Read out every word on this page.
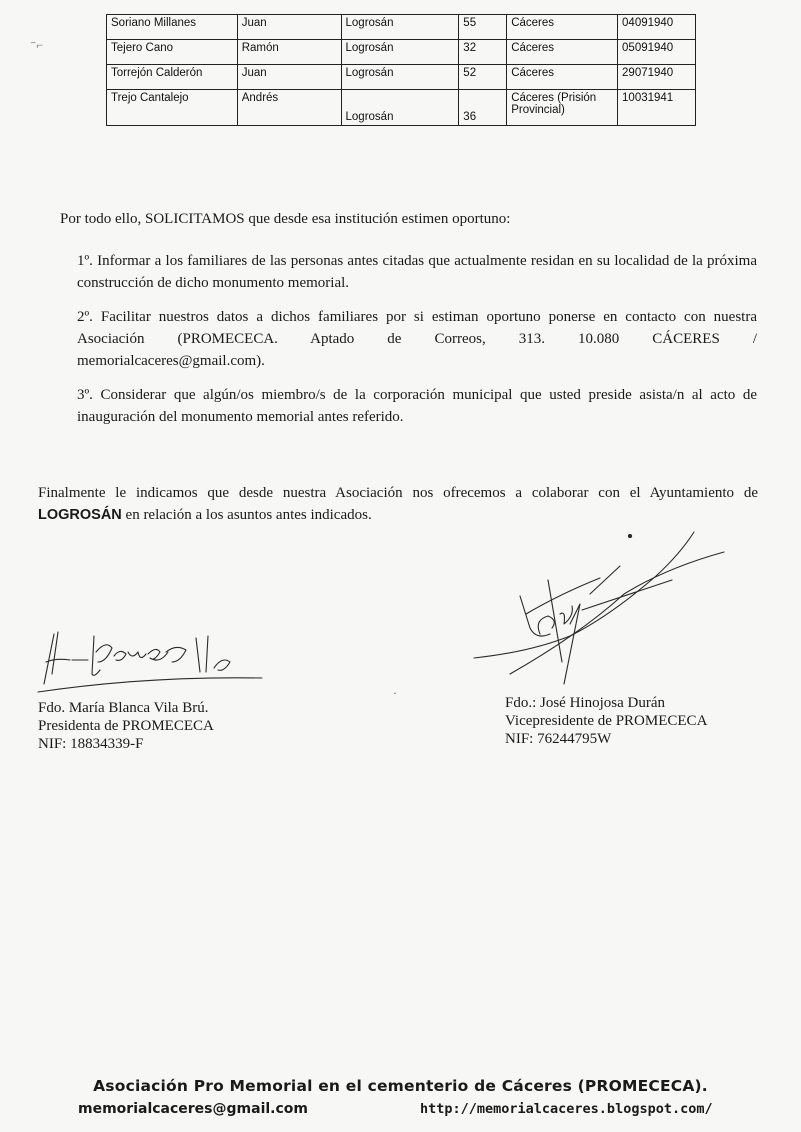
⁻⌐
Soriano Millanes	Juan	Logrosán	55	Cáceres	04091940
Tejero Cano	Ramón	Logrosán	32	Cáceres	05091940
Torrejón Calderón	Juan	Logrosán	52	Cáceres	29071940
Trejo Cantalejo	Andrés	Logrosán	36	Cáceres (Prisión Provincial)	10031941
Por todo ello, SOLICITAMOS que desde esa institución estimen oportuno:
1º. Informar a los familiares de las personas antes citadas que actualmente residan en su localidad de la próxima construcción de dicho monumento memorial.
2º. Facilitar nuestros datos a dichos familiares por si estiman oportuno ponerse en contacto con nuestra
Asociación (PROMECECA. Aptado de Correos, 313. 10.080 CÁCERES /
memorialcaceres@gmail.com).
3º. Considerar que algún/os miembro/s de la corporación municipal que usted preside asista/n al acto de inauguración del monumento memorial antes referido.
Finalmente le indicamos que desde nuestra Asociación nos ofrecemos a colaborar con el Ayuntamiento de LOGROSÁN en relación a los asuntos antes indicados.
·
Fdo. María Blanca Vila Brú.
Presidenta de PROMECECA
NIF: 18834339-F
Fdo.: José Hinojosa Durán
Vicepresidente de PROMECECA
NIF: 76244795W
Asociación Pro Memorial en el cementerio de Cáceres (PROMECECA).
memorialcaceres@gmail.com	http://memorialcaceres.blogspot.com/
